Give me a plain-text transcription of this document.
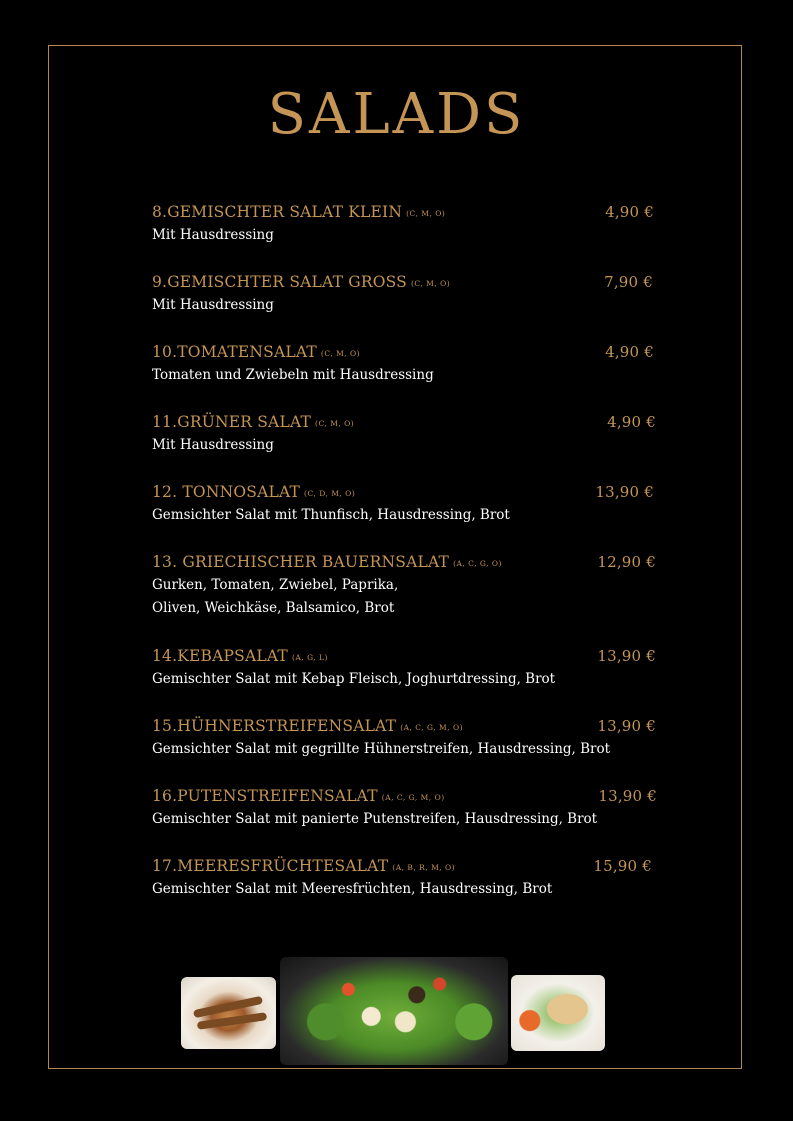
SALADS
8.GEMISCHTER SALAT KLEIN (C, M, O)	4,90 €
Mit Hausdressing
9.GEMISCHTER SALAT GROSS (C, M, O)	7,90 €
Mit Hausdressing
10.TOMATENSALAT (C, M, O)	4,90 €
Tomaten und Zwiebeln mit Hausdressing
11.GRÜNER SALAT (C, M, O)	4,90 €
Mit Hausdressing
12. TONNOSALAT (C, D, M, O)	13,90 €
Gemsichter Salat mit Thunfisch, Hausdressing, Brot
13. GRIECHISCHER BAUERNSALAT (A, C, G, O)	12,90 €
Gurken, Tomaten, Zwiebel, Paprika,
Oliven, Weichkäse, Balsamico, Brot
14.KEBAPSALAT (A, G, L)	13,90 €
Gemischter Salat mit Kebap Fleisch, Joghurtdressing, Brot
15.HÜHNERSTREIFENSALAT (A, C, G, M, O)	13,90 €
Gemsichter Salat mit gegrillte Hühnerstreifen, Hausdressing, Brot
16.PUTENSTREIFENSALAT (A, C, G, M, O)	13,90 €
Gemischter Salat mit panierte Putenstreifen, Hausdressing, Brot
17.MEERESFRÜCHTESALAT (A, B, R, M, O)	15,90 €
Gemischter Salat mit Meeresfrüchten, Hausdressing, Brot
